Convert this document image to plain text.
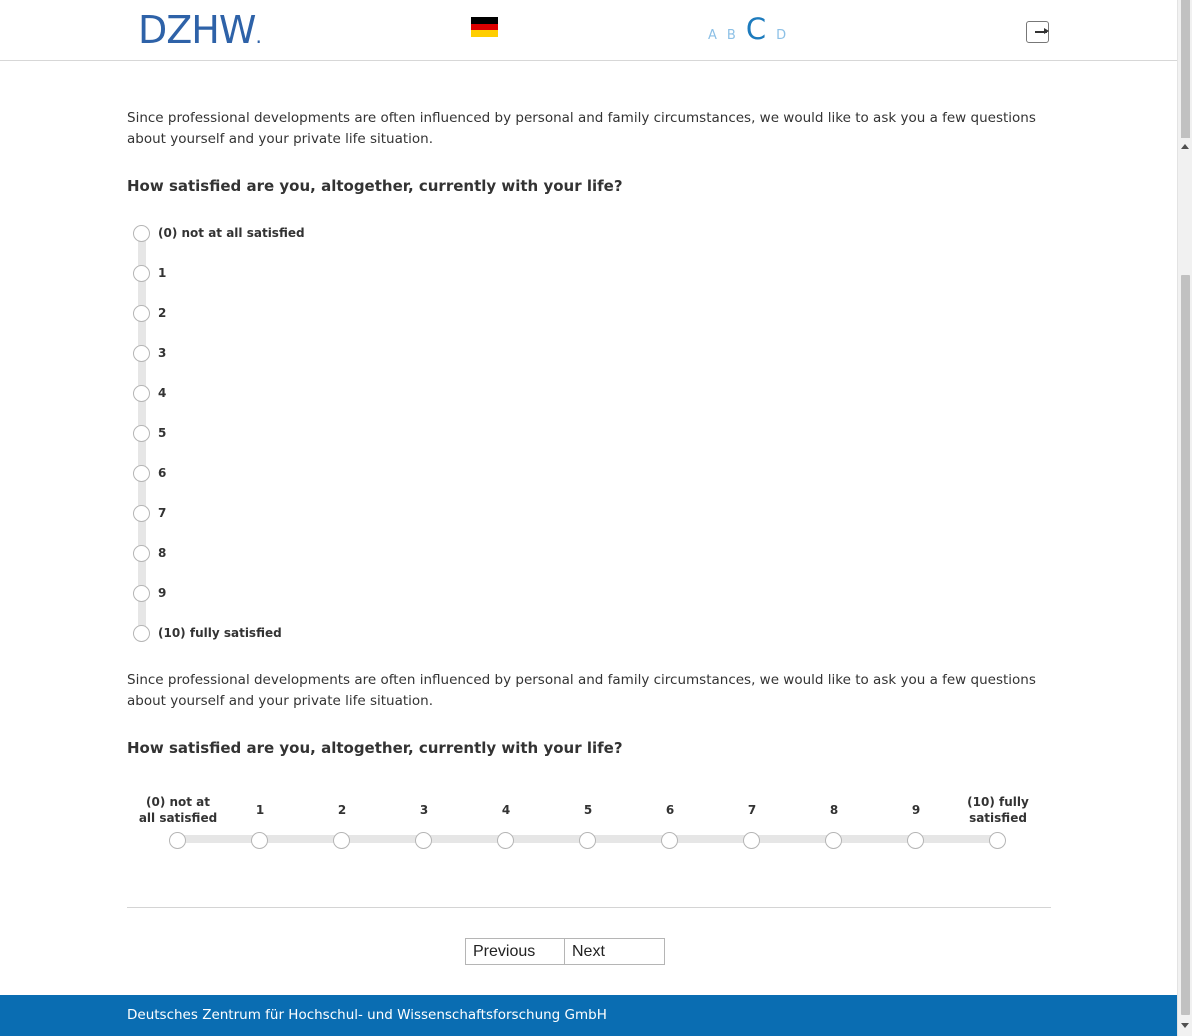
DZHW.	A B C D

Since professional developments are often influenced by personal and family circumstances, we would like to ask you a few questions about yourself and your private life situation.

How satisfied are you, altogether, currently with your life?
(0) not at all satisfied
1
2
3
4
5
6
7
8
9
(10) fully satisfied

Since professional developments are often influenced by personal and family circumstances, we would like to ask you a few questions about yourself and your private life situation.

How satisfied are you, altogether, currently with your life?
(0) not at all satisfied
1	2	3	4	5	6	7	8	9
(10) fully satisfied
Previous	Next
Deutsches Zentrum für Hochschul- und Wissenschaftsforschung GmbH
